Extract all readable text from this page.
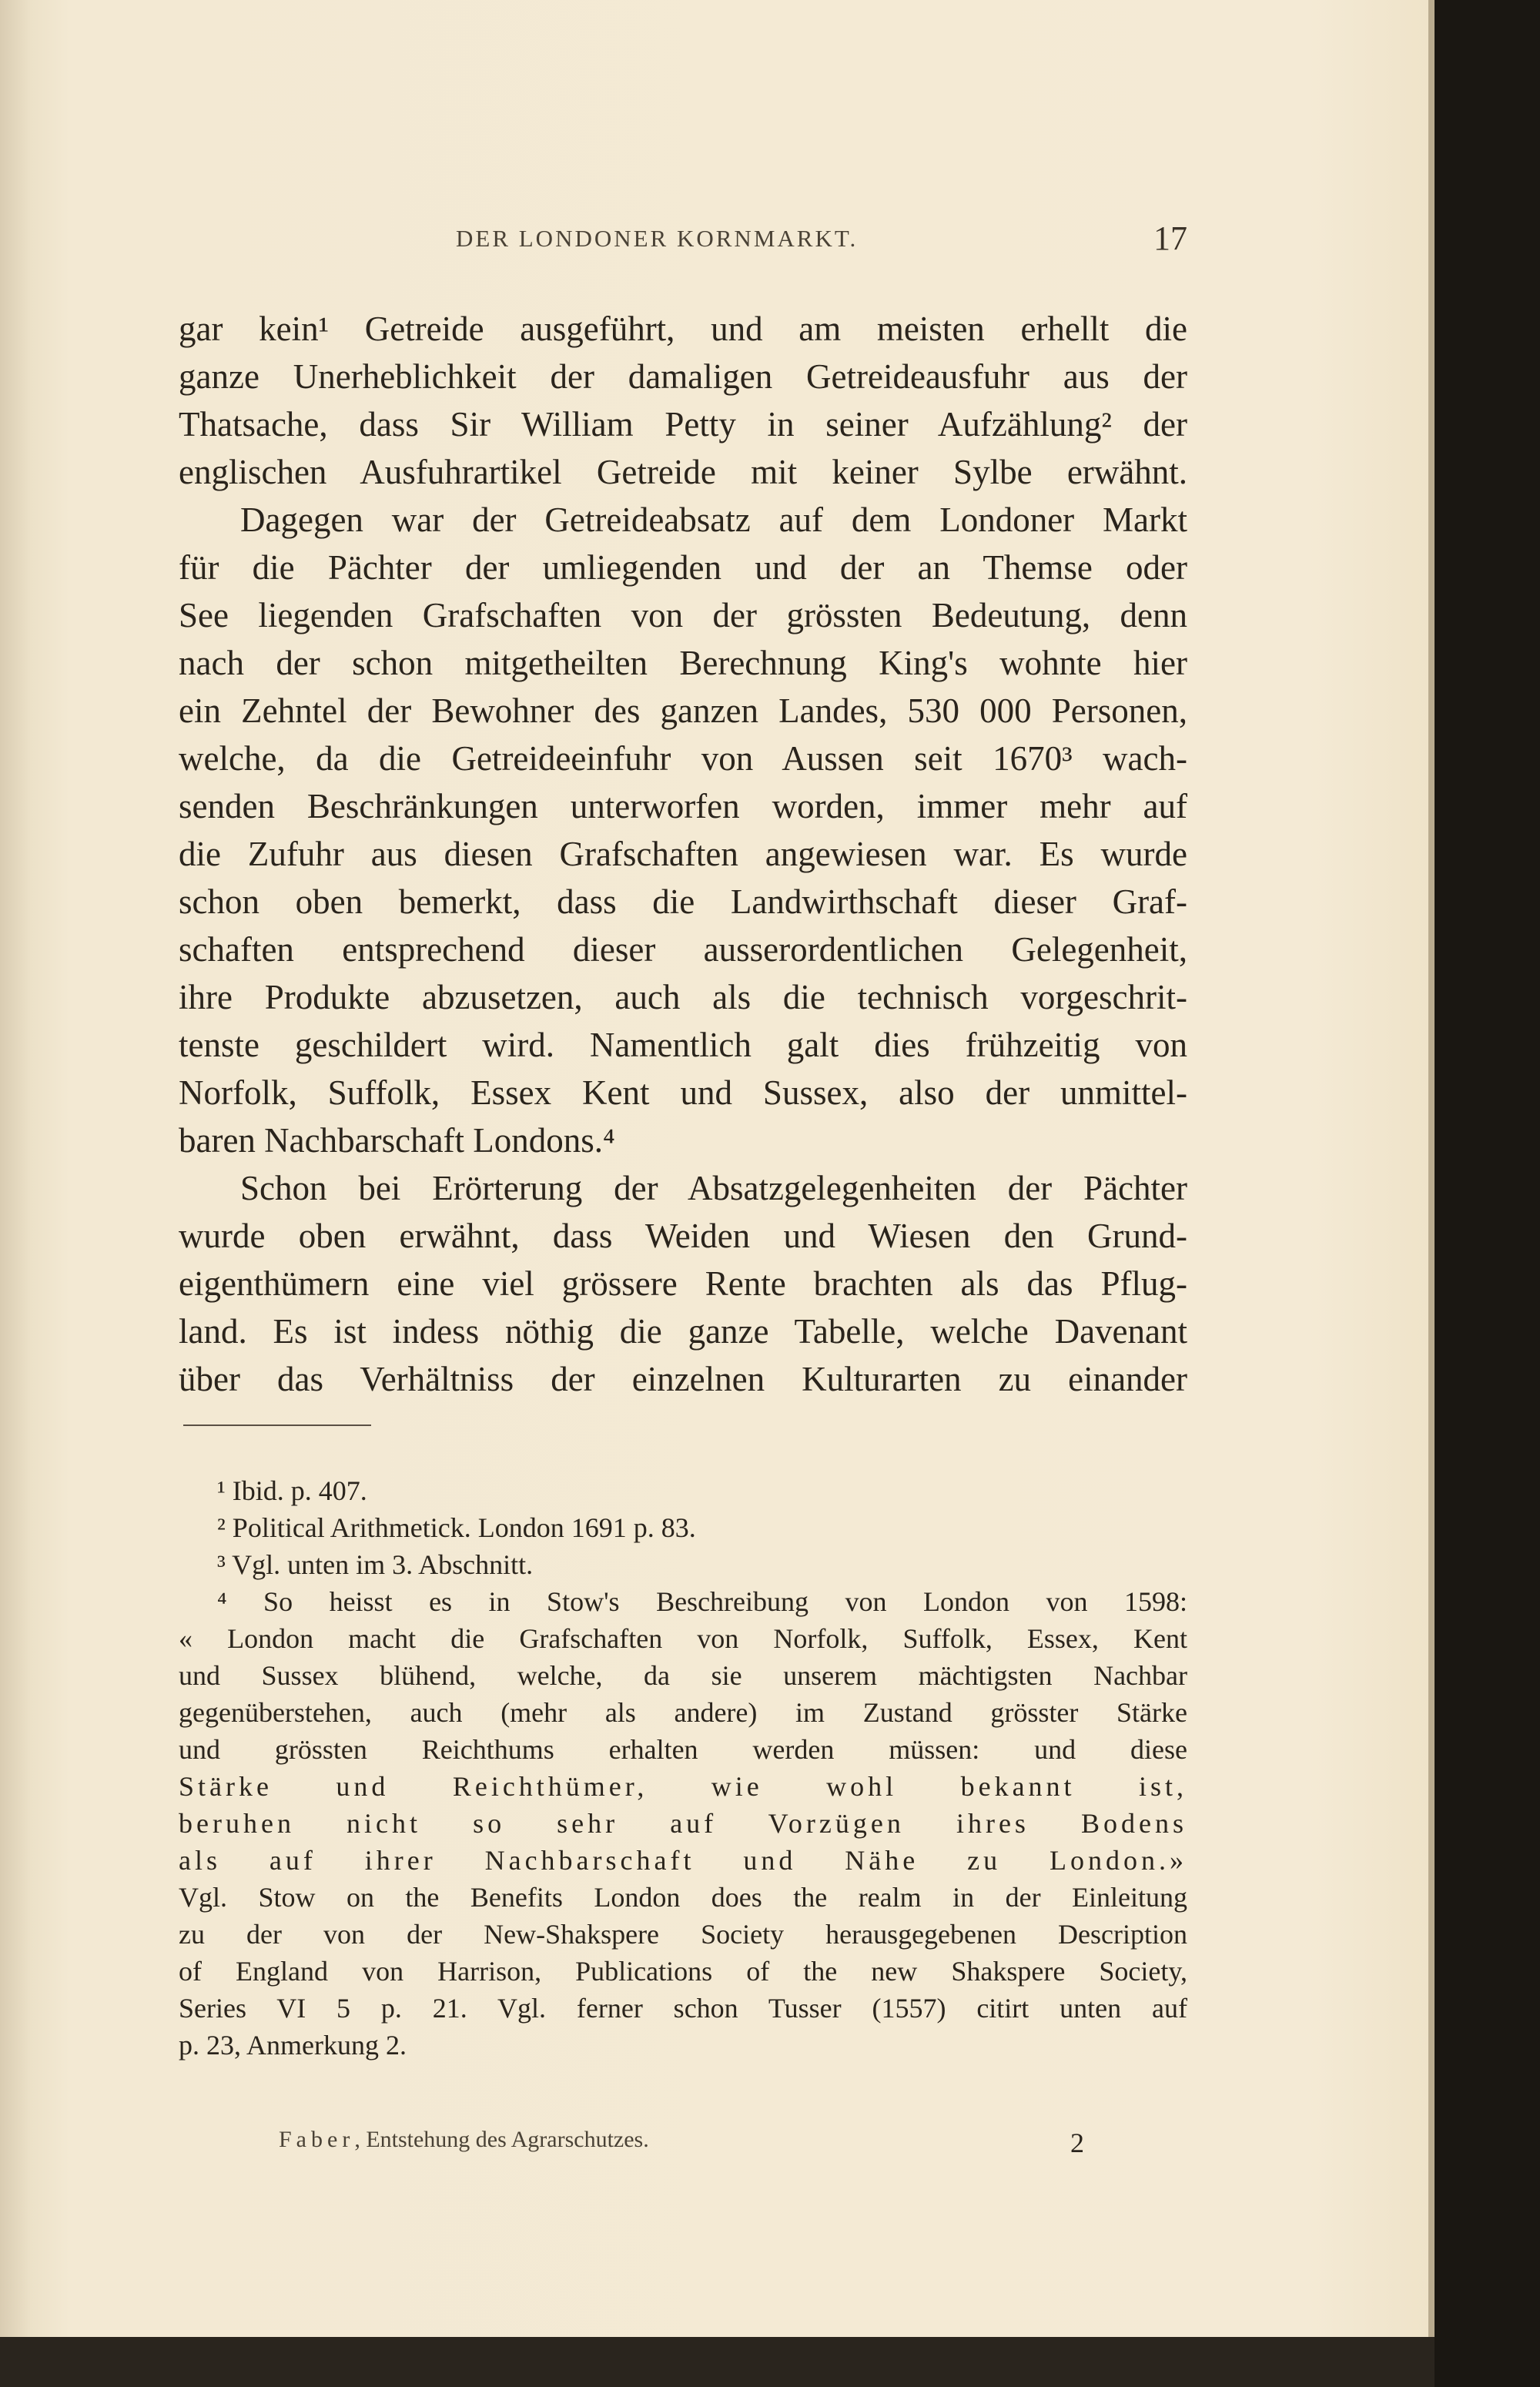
DER LONDONER KORNMARKT.	17
gar kein¹ Getreide ausgeführt, und am meisten erhellt die
ganze Unerheblichkeit der damaligen Getreideausfuhr aus der
Thatsache, dass Sir William Petty in seiner Aufzählung² der
englischen Ausfuhrartikel Getreide mit keiner Sylbe erwähnt.
Dagegen war der Getreideabsatz auf dem Londoner Markt
für die Pächter der umliegenden und der an Themse oder
See liegenden Grafschaften von der grössten Bedeutung, denn
nach der schon mitgetheilten Berechnung King's wohnte hier
ein Zehntel der Bewohner des ganzen Landes, 530 000 Personen,
welche, da die Getreideeinfuhr von Aussen seit 1670³ wach-
senden Beschränkungen unterworfen worden, immer mehr auf
die Zufuhr aus diesen Grafschaften angewiesen war. Es wurde
schon oben bemerkt, dass die Landwirthschaft dieser Graf-
schaften entsprechend dieser ausserordentlichen Gelegenheit,
ihre Produkte abzusetzen, auch als die technisch vorgeschrit-
tenste geschildert wird. Namentlich galt dies frühzeitig von
Norfolk, Suffolk, Essex Kent und Sussex, also der unmittel-
baren Nachbarschaft Londons.⁴
Schon bei Erörterung der Absatzgelegenheiten der Pächter
wurde oben erwähnt, dass Weiden und Wiesen den Grund-
eigenthümern eine viel grössere Rente brachten als das Pflug-
land. Es ist indess nöthig die ganze Tabelle, welche Davenant
über das Verhältniss der einzelnen Kulturarten zu einander
¹ Ibid. p. 407.
² Political Arithmetick. London 1691 p. 83.
³ Vgl. unten im 3. Abschnitt.
⁴ So heisst es in Stow's Beschreibung von London von 1598:
« London macht die Grafschaften von Norfolk, Suffolk, Essex, Kent
und Sussex blühend, welche, da sie unserem mächtigsten Nachbar
gegenüberstehen, auch (mehr als andere) im Zustand grösster Stärke
und grössten Reichthums erhalten werden müssen: und diese
Stärke und Reichthümer, wie wohl bekannt ist,
beruhen nicht so sehr auf Vorzügen ihres Bodens
als auf ihrer Nachbarschaft und Nähe zu London.»
Vgl. Stow on the Benefits London does the realm in der Einleitung
zu der von der New-Shakspere Society herausgegebenen Description
of England von Harrison, Publications of the new Shakspere Society,
Series VI 5 p. 21. Vgl. ferner schon Tusser (1557) citirt unten auf
p. 23, Anmerkung 2.
Faber, Entstehung des Agrarschutzes.	2
